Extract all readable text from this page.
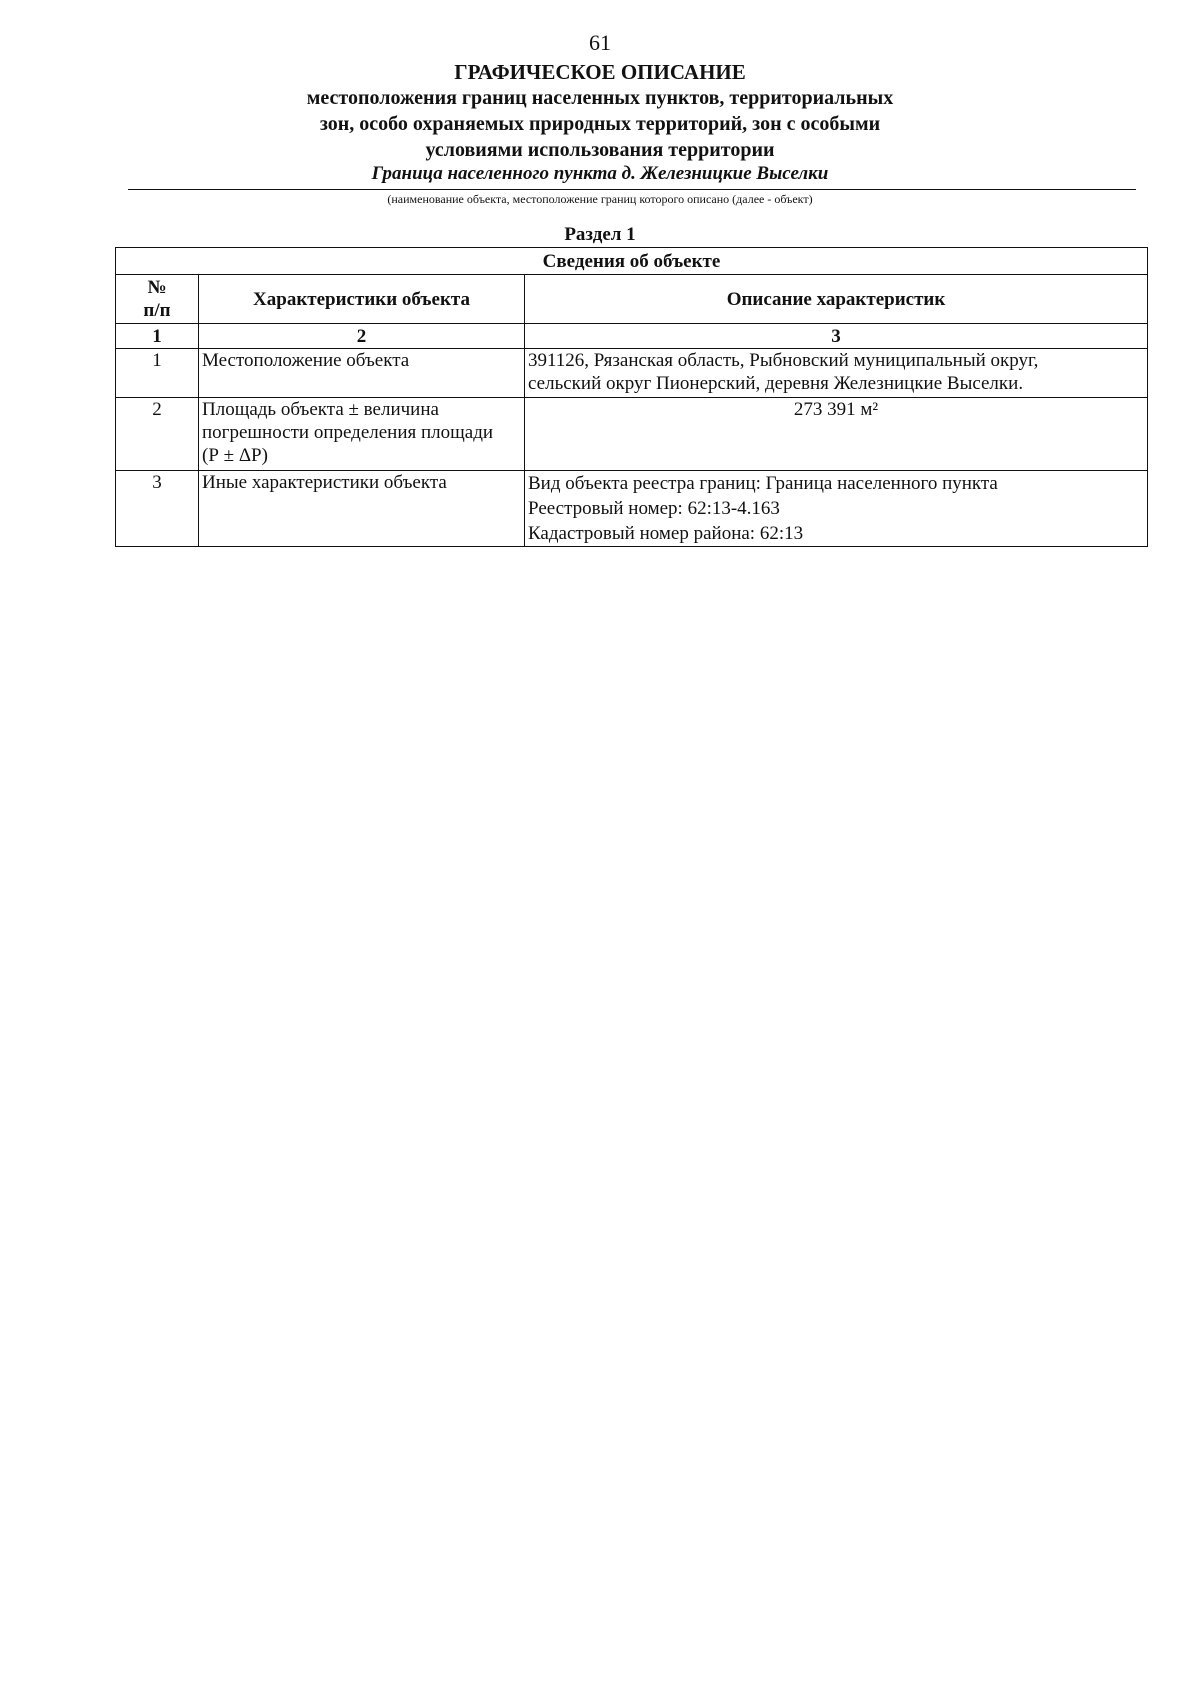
61
ГРАФИЧЕСКОЕ ОПИСАНИЕ
местоположения границ населенных пунктов, территориальных
зон, особо охраняемых природных территорий, зон с особыми
условиями использования территории
Граница населенного пункта д. Железницкие Выселки
(наименование объекта, местоположение границ которого описано (далее - объект)
Раздел 1
Сведения об объекте		

№
п/п	Характеристики объекта	Описание характеристик
1	2	3
1	Местоположение объекта	391126, Рязанская область, Рыбновский муниципальный округ,
сельский округ Пионерский, деревня Железницкие Выселки.

2	Площадь объекта ± величина
погрешности определения площади
(Р ± ΔР)	273 391 м²
3	Иные характеристики объекта	Вид объекта реестра границ: Граница населенного пункта
Реестровый номер: 62:13-4.163
Кадастровый номер района: 62:13
